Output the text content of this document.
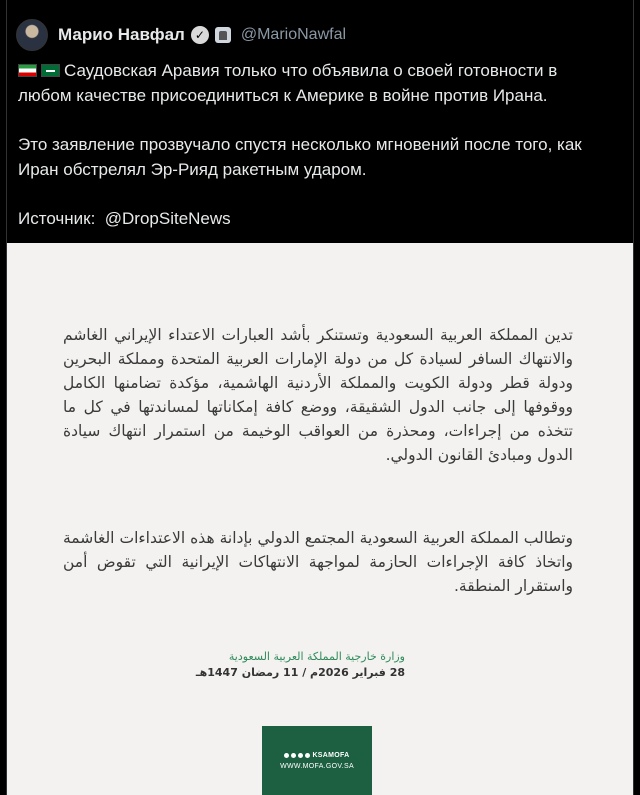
Марио Навфал ✓ @MarioNawfal

Саудовская Аравия только что объявила о своей готовности в любом качестве присоединиться к Америке в войне против Ирана.

Это заявление прозвучало спустя несколько мгновений после того, как Иран обстрелял Эр-Рияд ракетным ударом.

Источник: @DropSiteNews

تدين المملكة العربية السعودية وتستنكر بأشد العبارات الاعتداء الإيراني الغاشم والانتهاك السافر لسيادة كل من دولة الإمارات العربية المتحدة ومملكة البحرين ودولة قطر ودولة الكويت والمملكة الأردنية الهاشمية، مؤكدة تضامنها الكامل ووقوفها إلى جانب الدول الشقيقة، ووضع كافة إمكاناتها لمساندتها في كل ما تتخذه من إجراءات، ومحذرة من العواقب الوخيمة من استمرار انتهاك سيادة الدول ومبادئ القانون الدولي.
وتطالب المملكة العربية السعودية المجتمع الدولي بإدانة هذه الاعتداءات الغاشمة واتخاذ كافة الإجراءات الحازمة لمواجهة الانتهاكات الإيرانية التي تقوض أمن واستقرار المنطقة.
وزارة خارجية المملكة العربية السعودية
28 فبراير 2026م / 11 رمضان 1447هـ
KSAMOFA
WWW.MOFA.GOV.SA
